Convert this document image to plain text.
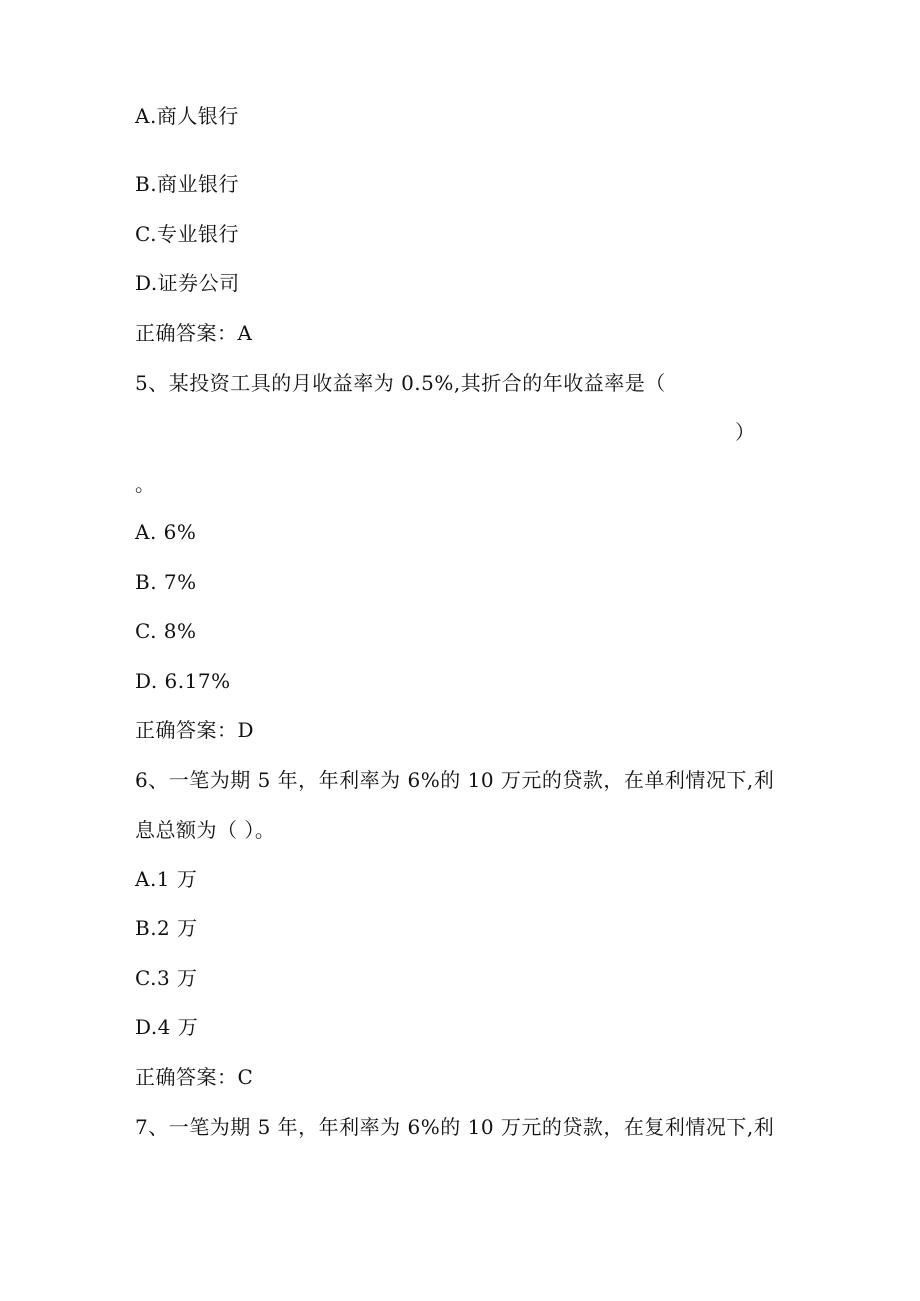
A.商人银行
B.商业银行
C.专业银行
D.证券公司
正确答案：A
5、某投资工具的月收益率为 0.5%,其折合的年收益率是（
）
。
A. 6%
B. 7%
C. 8%
D. 6.17%
正确答案：D
6、一笔为期 5 年，年利率为 6%的 10 万元的贷款，在单利情况下,利
息总额为（ ）。
A.1 万
B.2 万
C.3 万
D.4 万
正确答案：C
7、一笔为期 5 年，年利率为 6%的 10 万元的贷款，在复利情况下,利
